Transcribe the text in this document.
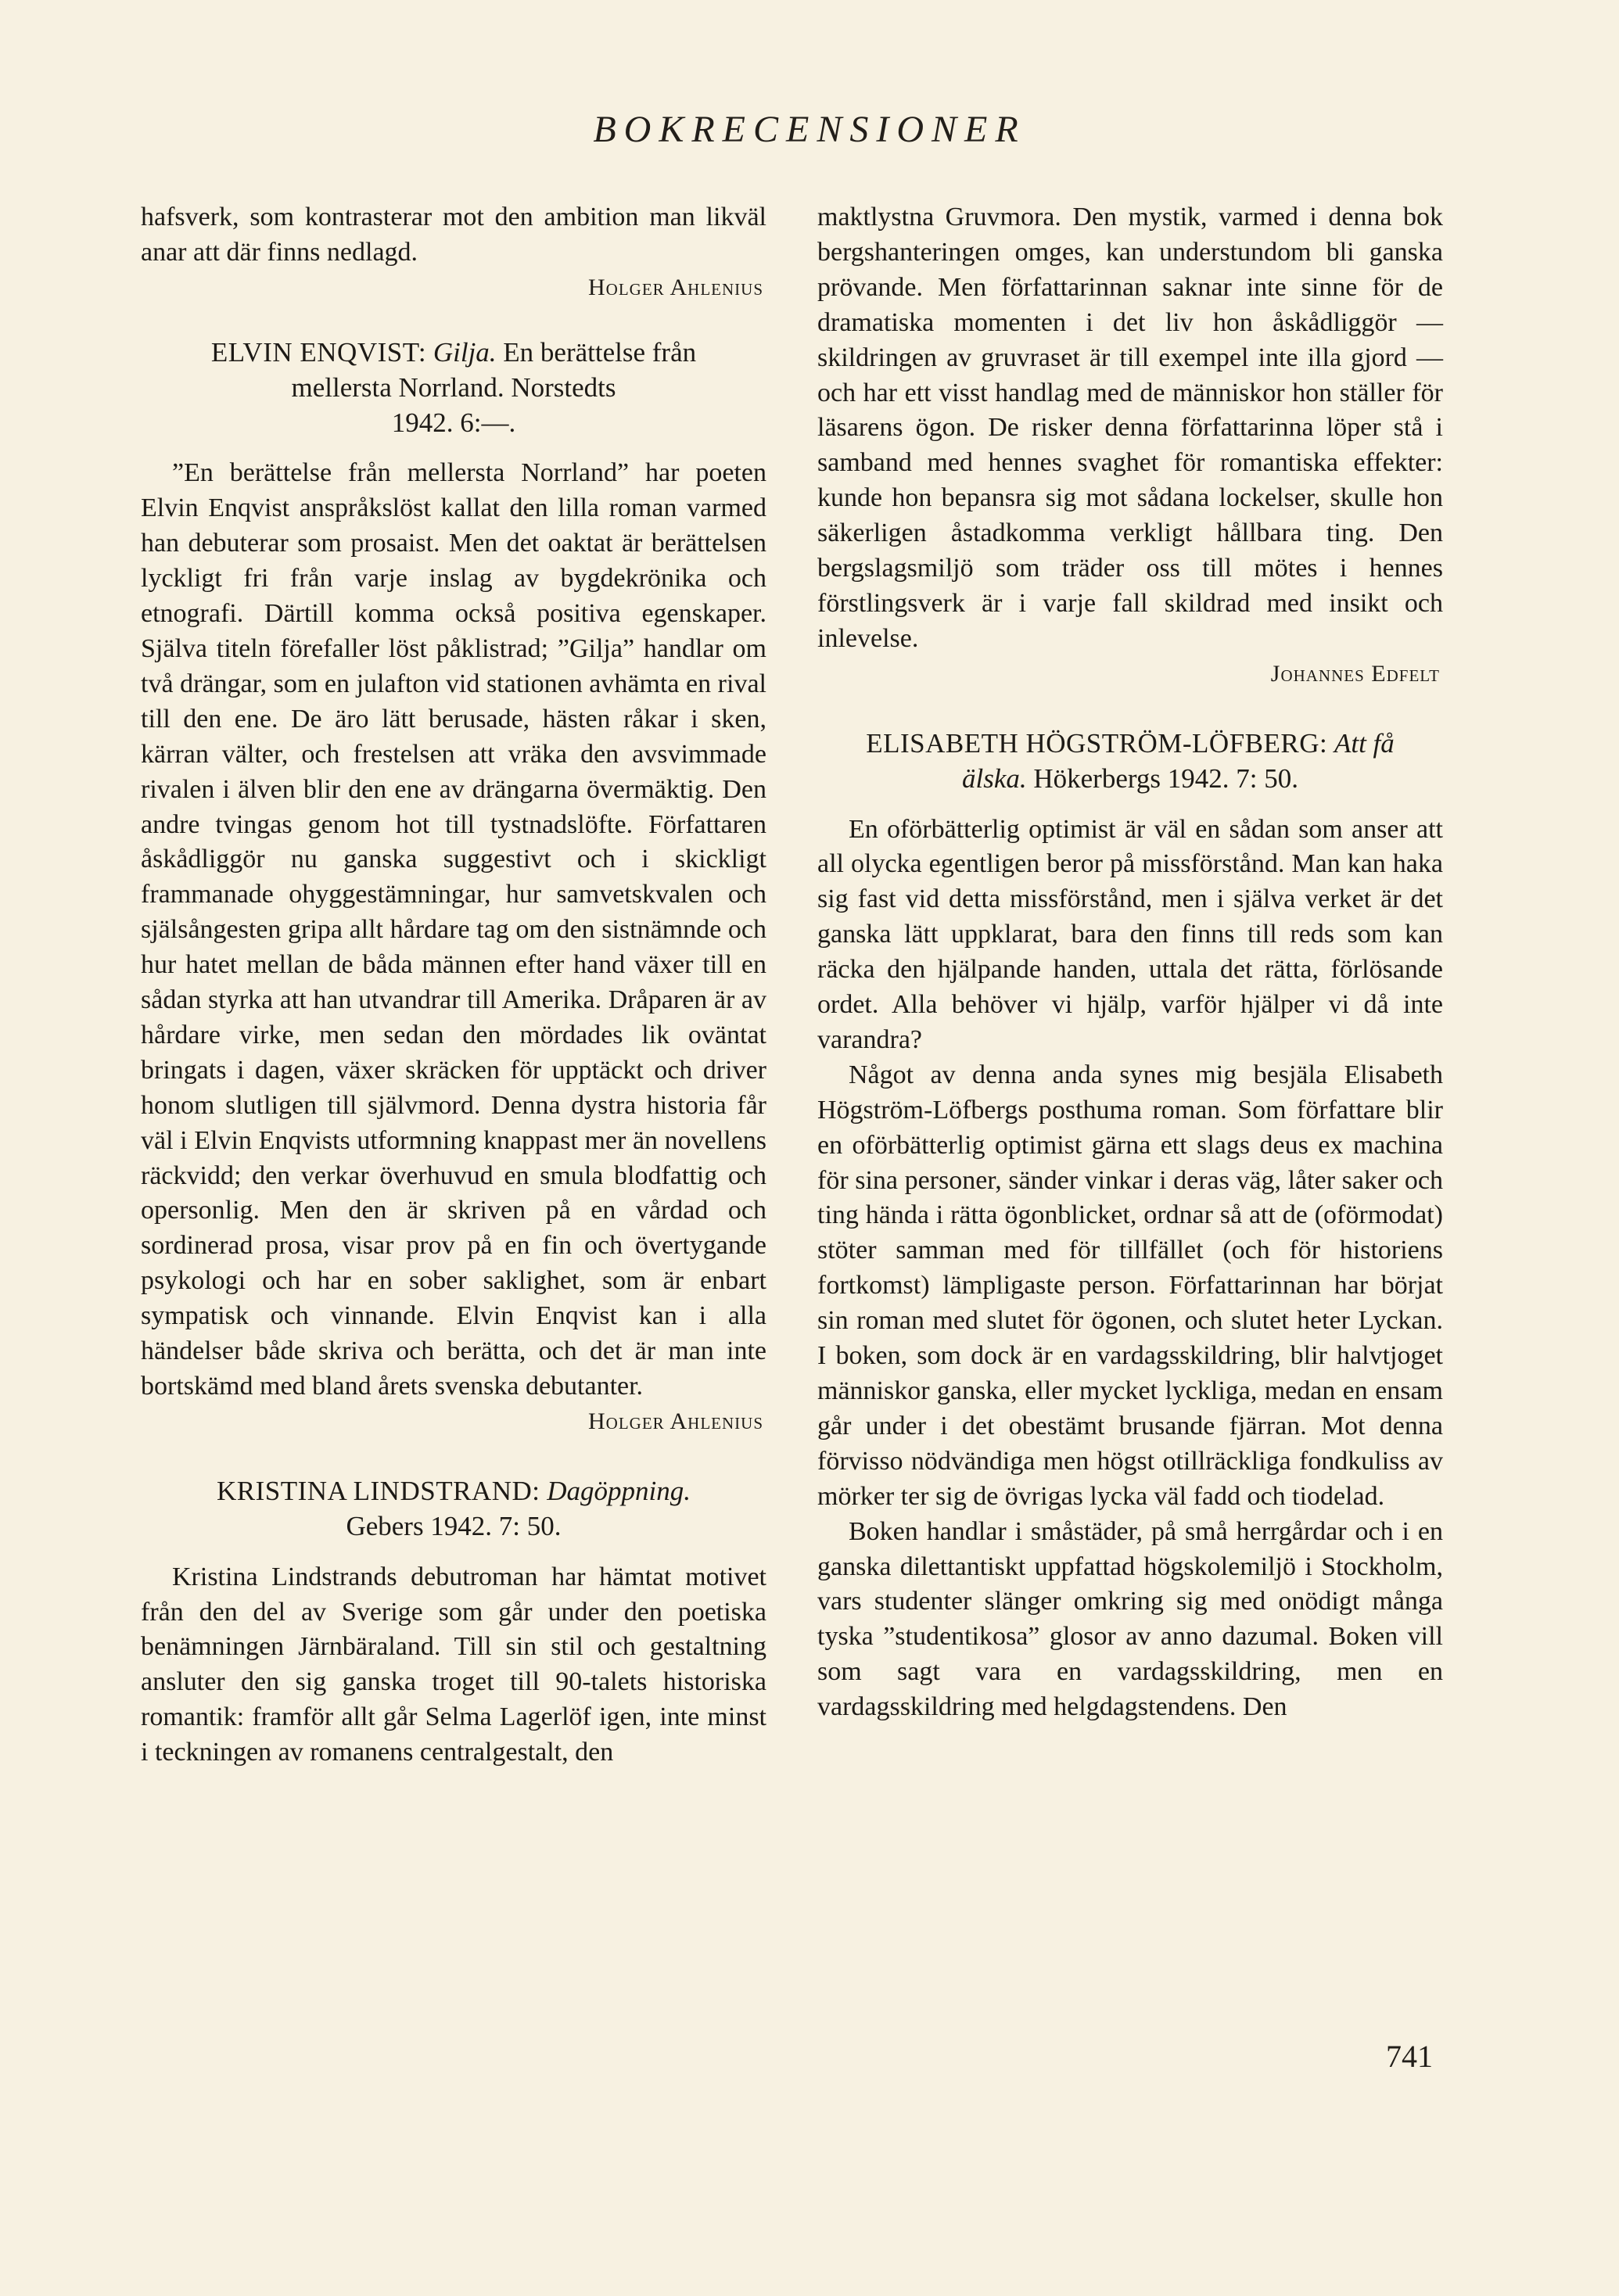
BOKRECENSIONER

hafsverk, som kontrasterar mot den ambition man likväl anar att där finns nedlagd.

Holger Ahlenius
ELVIN ENQVIST: Gilja. En berättelse från
mellersta Norrland. Norstedts
1942. 6:—.

”En berättelse från mellersta Norrland” har poeten Elvin Enqvist anspråkslöst kallat den lilla roman varmed han debuterar som prosaist. Men det oaktat är berättelsen lyckligt fri från varje inslag av bygdekrönika och etnografi. Därtill komma också positiva egenskaper. Själva titeln förefaller löst påklistrad; ”Gilja” handlar om två drängar, som en julafton vid stationen avhämta en rival till den ene. De äro lätt berusade, hästen råkar i sken, kärran välter, och frestelsen att vräka den avsvimmade rivalen i älven blir den ene av drängarna övermäktig. Den andre tvingas genom hot till tystnadslöfte. Författaren åskådliggör nu ganska suggestivt och i skickligt frammanade ohyggestämningar, hur samvetskvalen och själsångesten gripa allt hårdare tag om den sistnämnde och hur hatet mellan de båda männen efter hand växer till en sådan styrka att han utvandrar till Amerika. Dråparen är av hårdare virke, men sedan den mördades lik oväntat bringats i dagen, växer skräcken för upptäckt och driver honom slutligen till självmord. Denna dystra historia får väl i Elvin Enqvists utformning knappast mer än novellens räckvidd; den verkar överhuvud en smula blodfattig och opersonlig. Men den är skriven på en vårdad och sordinerad prosa, visar prov på en fin och övertygande psykologi och har en sober saklighet, som är enbart sympatisk och vinnande. Elvin Enqvist kan i alla händelser både skriva och berätta, och det är man inte bortskämd med bland årets svenska debutanter.

Holger Ahlenius
KRISTINA LINDSTRAND: Dagöppning.
Gebers 1942. 7: 50.

Kristina Lindstrands debutroman har hämtat motivet från den del av Sverige som går under den poetiska benämningen Järnbäraland. Till sin stil och gestaltning ansluter den sig ganska troget till 90-talets historiska romantik: framför allt går Selma Lagerlöf igen, inte minst i teckningen av romanens centralgestalt, den

maktlystna Gruvmora. Den mystik, varmed i denna bok bergshanteringen omges, kan understundom bli ganska prövande. Men författarinnan saknar inte sinne för de dramatiska momenten i det liv hon åskådliggör — skildringen av gruvraset är till exempel inte illa gjord — och har ett visst handlag med de människor hon ställer för läsarens ögon. De risker denna författarinna löper stå i samband med hennes svaghet för romantiska effekter: kunde hon bepansra sig mot sådana lockelser, skulle hon säkerligen åstadkomma verkligt hållbara ting. Den bergslagsmiljö som träder oss till mötes i hennes förstlingsverk är i varje fall skildrad med insikt och inlevelse.

Johannes Edfelt
ELISABETH HÖGSTRÖM-LÖFBERG: Att få
älska. Hökerbergs 1942. 7: 50.

En oförbätterlig optimist är väl en sådan som anser att all olycka egentligen beror på missförstånd. Man kan haka sig fast vid detta missförstånd, men i själva verket är det ganska lätt uppklarat, bara den finns till reds som kan räcka den hjälpande handen, uttala det rätta, förlösande ordet. Alla behöver vi hjälp, varför hjälper vi då inte varandra?

Något av denna anda synes mig besjäla Elisabeth Högström-Löfbergs posthuma roman. Som författare blir en oförbätterlig optimist gärna ett slags deus ex machina för sina personer, sänder vinkar i deras väg, låter saker och ting hända i rätta ögonblicket, ordnar så att de (oförmodat) stöter samman med för tillfället (och för historiens fortkomst) lämpligaste person. Författarinnan har börjat sin roman med slutet för ögonen, och slutet heter Lyckan. I boken, som dock är en vardagsskildring, blir halvtjoget människor ganska, eller mycket lyckliga, medan en ensam går under i det obestämt brusande fjärran. Mot denna förvisso nödvändiga men högst otillräckliga fondkuliss av mörker ter sig de övrigas lycka väl fadd och tiodelad.

Boken handlar i småstäder, på små herrgårdar och i en ganska dilettantiskt uppfattad högskolemiljö i Stockholm, vars studenter slänger omkring sig med onödigt många tyska ”studentikosa” glosor av anno dazumal. Boken vill som sagt vara en vardagsskildring, men en vardagsskildring med helgdagstendens. Den

741
